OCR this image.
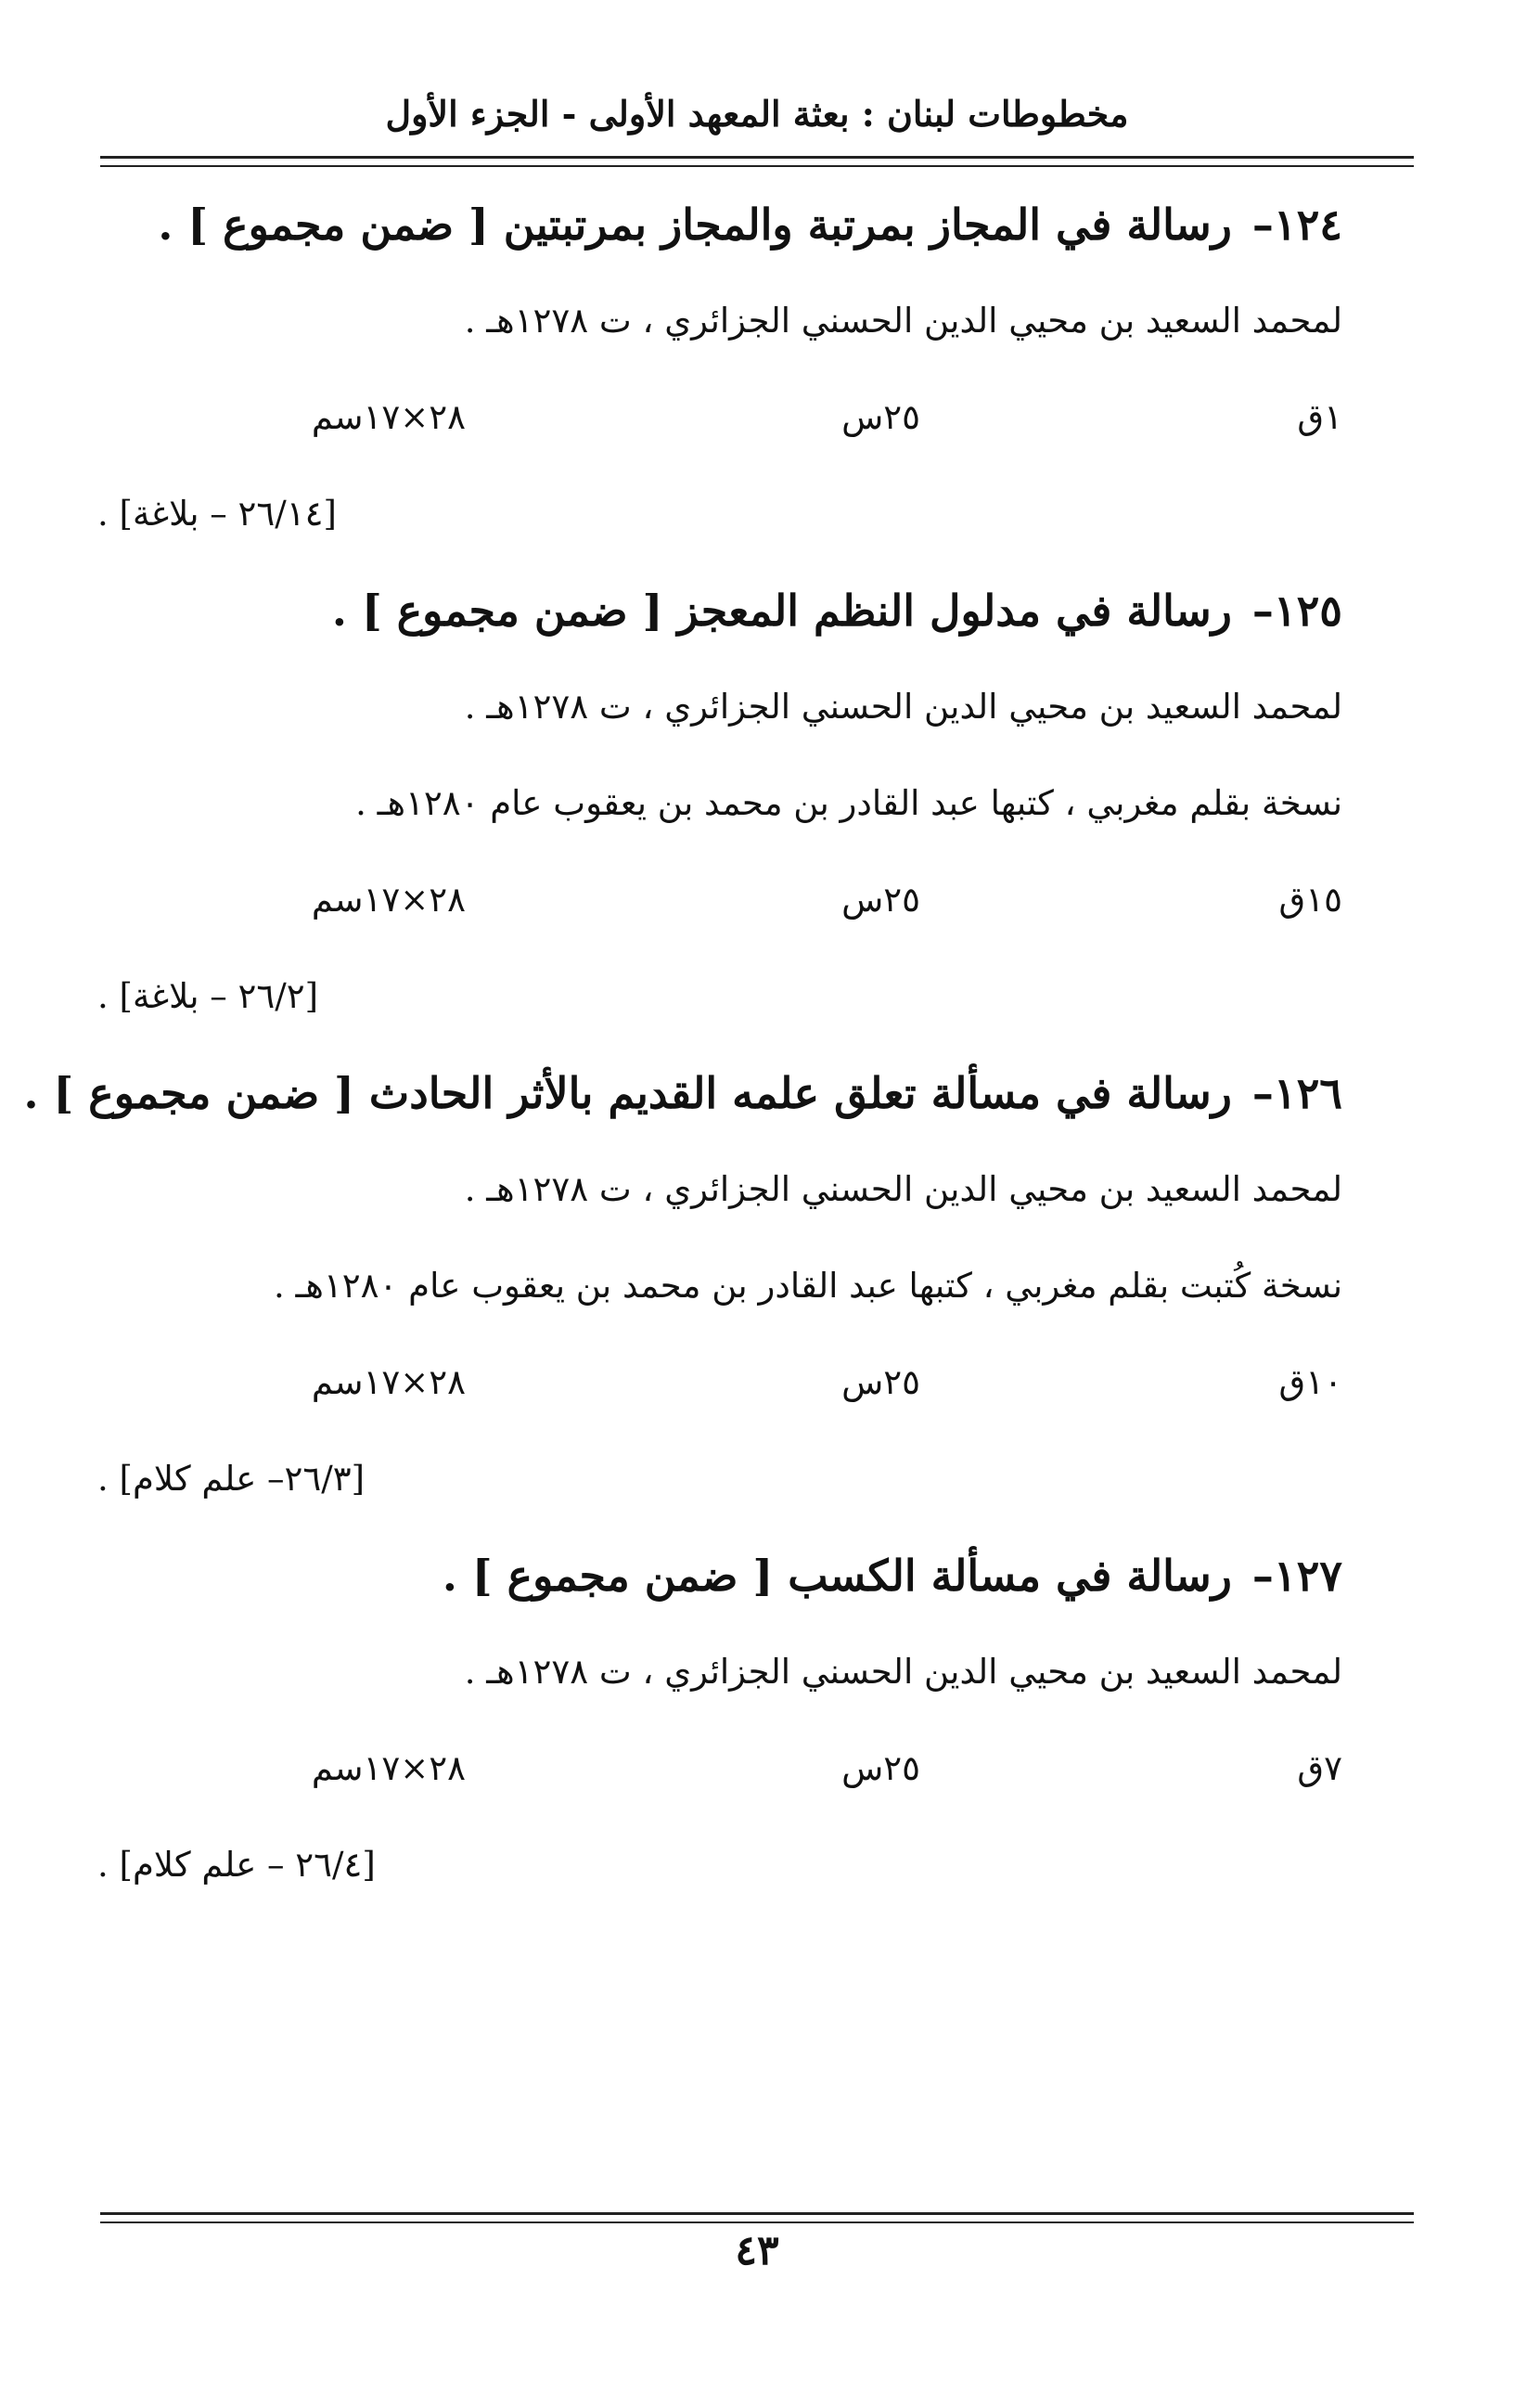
مخطوطات لبنان : بعثة المعهد الأولى - الجزء الأول
١٢٤– رسالة في المجاز بمرتبة والمجاز بمرتبتين [ ضمن مجموع ] .
لمحمد السعيد بن محيي الدين الحسني الجزائري ، ت ١٢٧٨هـ .
١ق
٢٥س
٢٨×١٧سم
[٢٦/١٤ – بلاغة] .
١٢٥– رسالة في مدلول النظم المعجز [ ضمن مجموع ] .
لمحمد السعيد بن محيي الدين الحسني الجزائري ، ت ١٢٧٨هـ .
نسخة بقلم مغربي ، كتبها عبد القادر بن محمد بن يعقوب عام ١٢٨٠هـ .
١٥ق
٢٥س
٢٨×١٧سم
[٢٦/٢ – بلاغة] .
١٢٦– رسالة في مسألة تعلق علمه القديم بالأثر الحادث [ ضمن مجموع ] .
لمحمد السعيد بن محيي الدين الحسني الجزائري ، ت ١٢٧٨هـ .
نسخة كُتبت بقلم مغربي ، كتبها عبد القادر بن محمد بن يعقوب عام ١٢٨٠هـ .
١٠ق
٢٥س
٢٨×١٧سم
[٢٦/٣– علم كلام] .
١٢٧– رسالة في مسألة الكسب [ ضمن مجموع ] .
لمحمد السعيد بن محيي الدين الحسني الجزائري ، ت ١٢٧٨هـ .
٧ق
٢٥س
٢٨×١٧سم
[٢٦/٤ – علم كلام] .
٤٣
